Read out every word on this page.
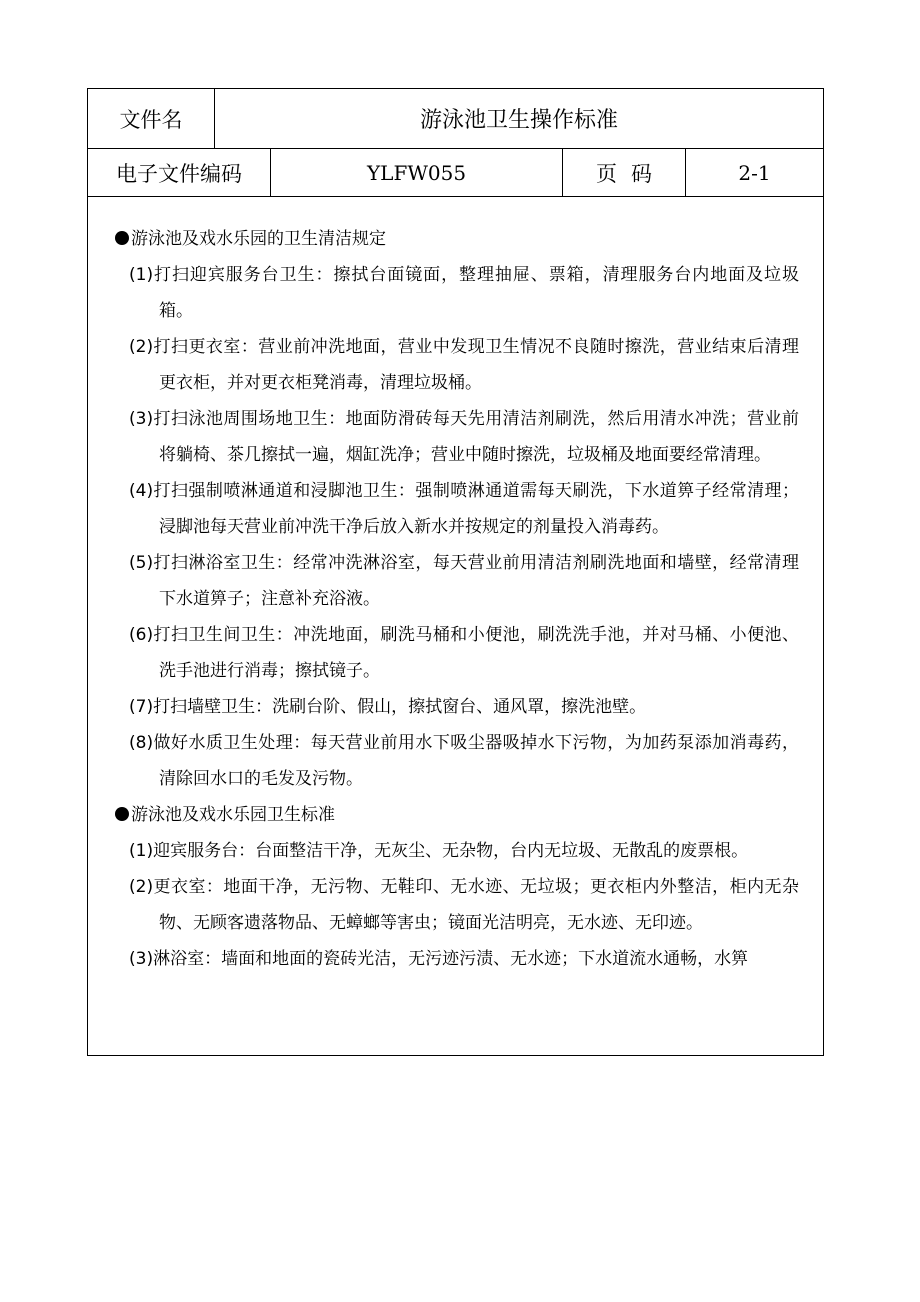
文件名	游泳池卫生操作标准
电子文件编码	YLFW055	页码	2-1

游泳池及戏水乐园的卫生清洁规定

(1)打扫迎宾服务台卫生：擦拭台面镜面，整理抽屉、票箱，清理服务台内地面及垃圾箱。

(2)打扫更衣室：营业前冲洗地面，营业中发现卫生情况不良随时擦洗，营业结束后清理更衣柜，并对更衣柜凳消毒，清理垃圾桶。

(3)打扫泳池周围场地卫生：地面防滑砖每天先用清洁剂刷洗，然后用清水冲洗；营业前将躺椅、茶几擦拭一遍，烟缸洗净；营业中随时擦洗，垃圾桶及地面要经常清理。

(4)打扫强制喷淋通道和浸脚池卫生：强制喷淋通道需每天刷洗，下水道箅子经常清理；浸脚池每天营业前冲洗干净后放入新水并按规定的剂量投入消毒药。

(5)打扫淋浴室卫生：经常冲洗淋浴室，每天营业前用清洁剂刷洗地面和墙壁，经常清理下水道箅子；注意补充浴液。

(6)打扫卫生间卫生：冲洗地面，刷洗马桶和小便池，刷洗洗手池，并对马桶、小便池、洗手池进行消毒；擦拭镜子。

(7)打扫墙壁卫生：洗刷台阶、假山，擦拭窗台、通风罩，擦洗池壁。

(8)做好水质卫生处理：每天营业前用水下吸尘器吸掉水下污物，为加药泵添加消毒药，清除回水口的毛发及污物。

游泳池及戏水乐园卫生标准

(1)迎宾服务台：台面整洁干净，无灰尘、无杂物，台内无垃圾、无散乱的废票根。

(2)更衣室：地面干净，无污物、无鞋印、无水迹、无垃圾；更衣柜内外整洁，柜内无杂物、无顾客遗落物品、无蟑螂等害虫；镜面光洁明亮，无水迹、无印迹。

(3)淋浴室：墙面和地面的瓷砖光洁，无污迹污渍、无水迹；下水道流水通畅，水箅
